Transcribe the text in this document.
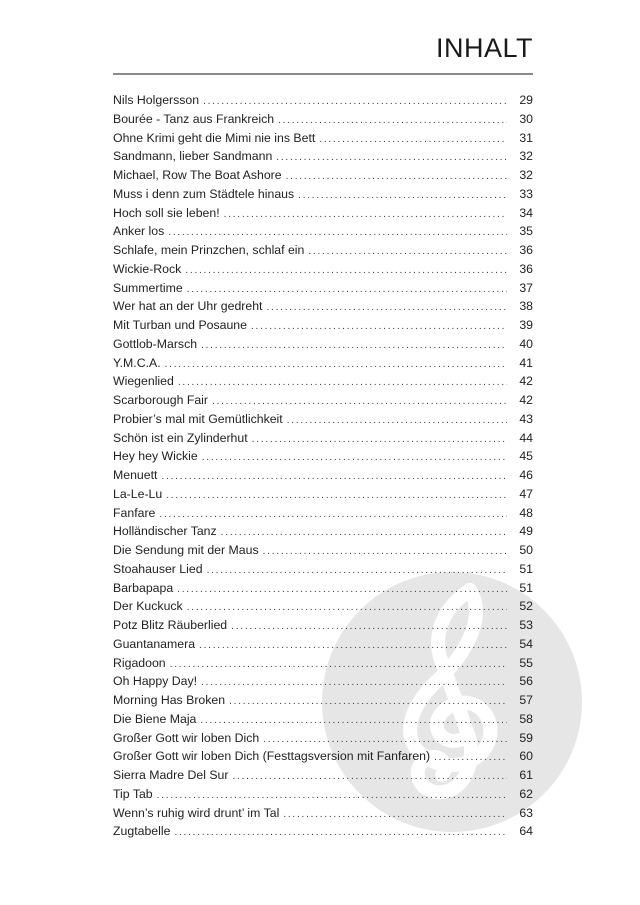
INHALT
Nils Holgersson . . .	29
Bourée - Tanz aus Frankreich . . .	30
Ohne Krimi geht die Mimi nie ins Bett . . .	31
Sandmann, lieber Sandmann . . .	32
Michael, Row The Boat Ashore . . .	32
Muss i denn zum Städtele hinaus . . .	33
Hoch soll sie leben! . . .	34
Anker los . . .	35
Schlafe, mein Prinzchen, schlaf ein . . .	36
Wickie-Rock . . .	36
Summertime . . .	37
Wer hat an der Uhr gedreht . . .	38
Mit Turban und Posaune . . .	39
Gottlob-Marsch . . .	40
Y.M.C.A. . . .	41
Wiegenlied . . .	42
Scarborough Fair . . .	42
Probier’s mal mit Gemütlichkeit . . .	43
Schön ist ein Zylinderhut . . .	44
Hey hey Wickie . . .	45
Menuett . . .	46
La-Le-Lu . . .	47
Fanfare . . .	48
Holländischer Tanz . . .	49
Die Sendung mit der Maus . . .	50
Stoahauser Lied . . .	51
Barbapapa . . .	51
Der Kuckuck . . .	52
Potz Blitz Räuberlied . . .	53
Guantanamera . . .	54
Rigadoon . . .	55
Oh Happy Day! . . .	56
Morning Has Broken . . .	57
Die Biene Maja . . .	58
Großer Gott wir loben Dich . . .	59
Großer Gott wir loben Dich (Festtagsversion mit Fanfaren) . . .	60
Sierra Madre Del Sur . . .	61
Tip Tab . . .	62
Wenn’s ruhig wird drunt’ im Tal . . .	63
Zugtabelle . . .	64
